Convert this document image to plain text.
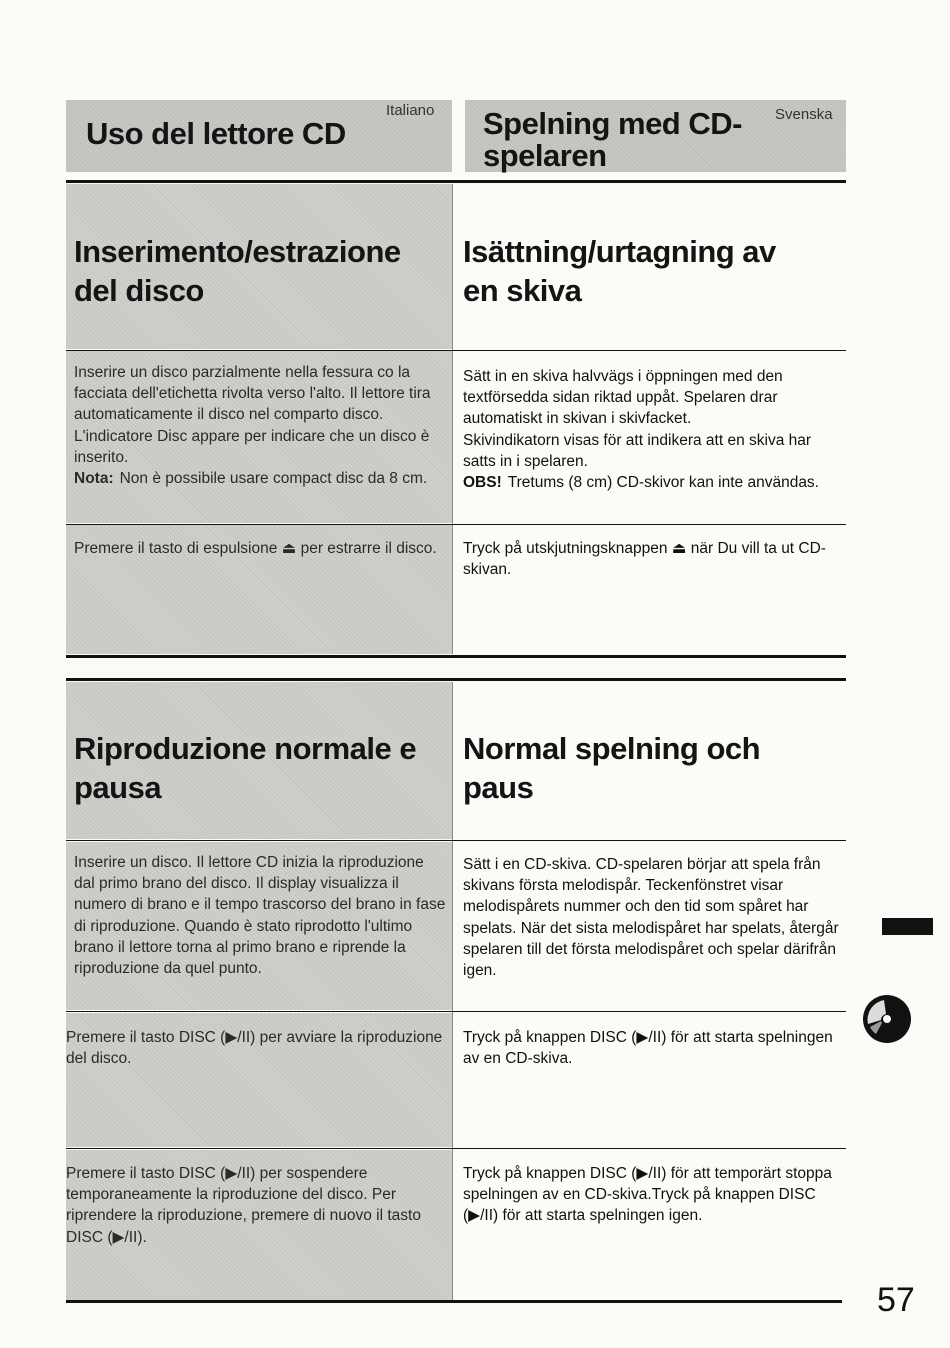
Italiano
Uso del lettore CD
Svenska
Spelning med CD-
spelaren
Inserimento/estrazione
del disco
Isättning/urtagning av
en skiva
Inserire un disco parzialmente nella fessura co la facciata dell'etichetta rivolta verso l'alto. Il lettore tira automaticamente il disco nel comparto disco.
L'indicatore Disc appare per indicare che un disco è inserito.
Nota: Non è possibile usare compact disc da 8 cm.
Sätt in en skiva halvvägs i öppningen med den textförsedda sidan riktad uppåt. Spelaren drar automatiskt in skivan i skivfacket.
Skivindikatorn visas för att indikera att en skiva har satts in i spelaren.
OBS! Tretums (8 cm) CD-skivor kan inte användas.
Premere il tasto di espulsione ⏏ per estrarre il disco.	Tryck på utskjutningsknappen ⏏ när Du vill ta ut CD-skivan.
Riproduzione normale e
pausa
Normal spelning och
paus
Inserire un disco. Il lettore CD inizia la riproduzione dal primo brano del disco. Il display visualizza il numero di brano e il tempo trascorso del brano in fase di riproduzione. Quando è stato riprodotto l'ultimo brano il lettore torna al primo brano e riprende la riproduzione da quel punto.
Sätt i en CD-skiva. CD-spelaren börjar att spela från skivans första melodispår. Teckenfönstret visar melodispårets nummer och den tid som spåret har spelats. När det sista melodispåret har spelats, återgår spelaren till det första melodispåret och spelar därifrån igen.
Premere il tasto DISC (▶/II) per avviare la riproduzione del disco.
Tryck på knappen DISC (▶/II) för att starta spelningen av en CD-skiva.
Premere il tasto DISC (▶/II) per sospendere temporaneamente la riproduzione del disco. Per riprendere la riproduzione, premere di nuovo il tasto DISC (▶/II).
Tryck på knappen DISC (▶/II) för att temporärt stoppa spelningen av en CD-skiva.Tryck på knappen DISC (▶/II) för att starta spelningen igen.
57
